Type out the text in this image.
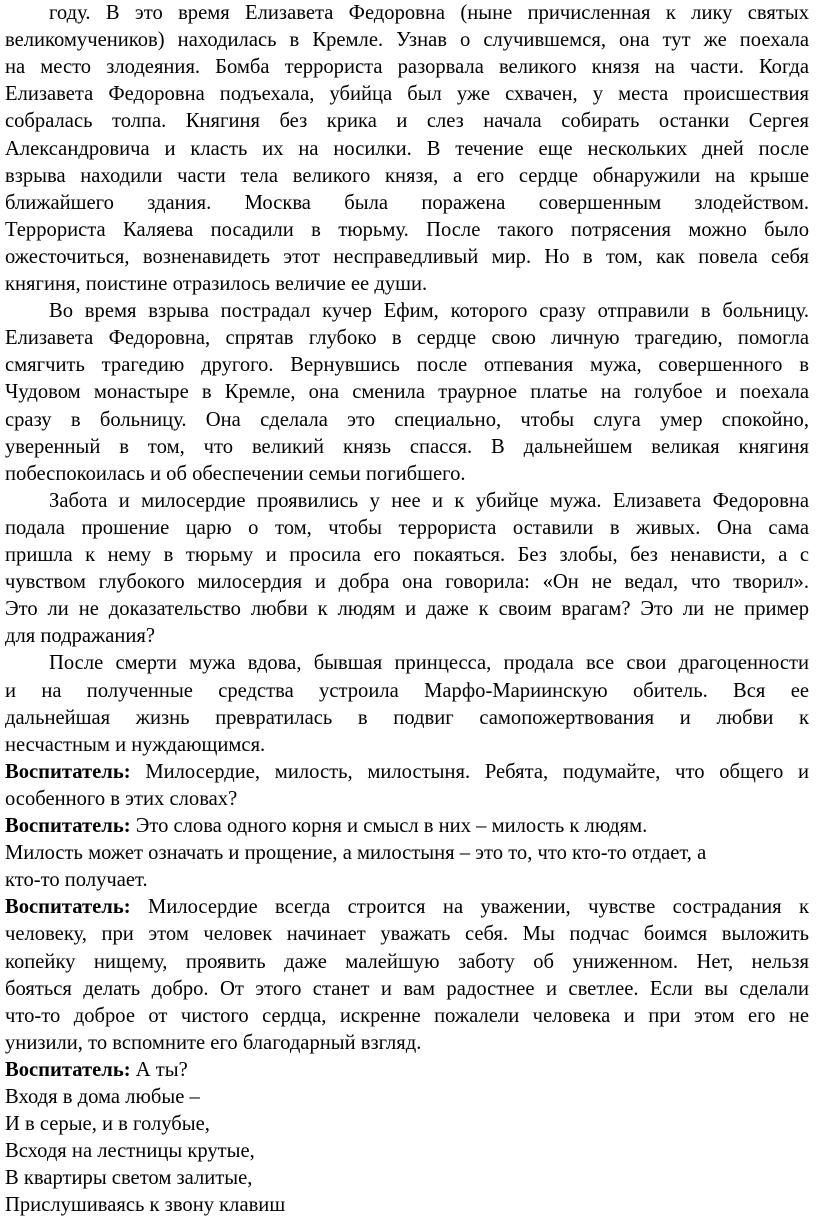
году. В это время Елизавета Федоровна (ныне причисленная к лику святых
великомучеников) находилась в Кремле. Узнав о случившемся, она тут же поехала
на место злодеяния. Бомба террориста разорвала великого князя на части. Когда
Елизавета Федоровна подъехала, убийца был уже схвачен, у места происшествия
собралась толпа. Княгиня без крика и слез начала собирать останки Сергея
Александровича и класть их на носилки. В течение еще нескольких дней после
взрыва находили части тела великого князя, а его сердце обнаружили на крыше
ближайшего здания. Москва была поражена совершенным злодейством.
Террориста Каляева посадили в тюрьму. После такого потрясения можно было
ожесточиться, возненавидеть этот несправедливый мир. Но в том, как повела себя
княгиня, поистине отразилось величие ее души.
Во время взрыва пострадал кучер Ефим, которого сразу отправили в больницу.
Елизавета Федоровна, спрятав глубоко в сердце свою личную трагедию, помогла
смягчить трагедию другого. Вернувшись после отпевания мужа, совершенного в
Чудовом монастыре в Кремле, она сменила траурное платье на голубое и поехала
сразу в больницу. Она сделала это специально, чтобы слуга умер спокойно,
уверенный в том, что великий князь спасся. В дальнейшем великая княгиня
побеспокоилась и об обеспечении семьи погибшего.
Забота и милосердие проявились у нее и к убийце мужа. Елизавета Федоровна
подала прошение царю о том, чтобы террориста оставили в живых. Она сама
пришла к нему в тюрьму и просила его покаяться. Без злобы, без ненависти, а с
чувством глубокого милосердия и добра она говорила: «Он не ведал, что творил».
Это ли не доказательство любви к людям и даже к своим врагам? Это ли не пример
для подражания?
После смерти мужа вдова, бывшая принцесса, продала все свои драгоценности
и на полученные средства устроила Марфо-Мариинскую обитель. Вся ее
дальнейшая жизнь превратилась в подвиг самопожертвования и любви к
несчастным и нуждающимся.
Воспитатель: Милосердие, милость, милостыня. Ребята, подумайте, что общего и
особенного в этих словах?
Воспитатель: Это слова одного корня и смысл в них – милость к людям.
Милость может означать и прощение, а милостыня – это то, что кто-то отдает, а
кто-то получает.
Воспитатель: Милосердие всегда строится на уважении, чувстве сострадания к
человеку, при этом человек начинает уважать себя. Мы подчас боимся выложить
копейку нищему, проявить даже малейшую заботу об униженном. Нет, нельзя
бояться делать добро. От этого станет и вам радостнее и светлее. Если вы сделали
что-то доброе от чистого сердца, искренне пожалели человека и при этом его не
унизили, то вспомните его благодарный взгляд.
Воспитатель: А ты?
Входя в дома любые –
И в серые, и в голубые,
Всходя на лестницы крутые,
В квартиры светом залитые,
Прислушиваясь к звону клавиш
